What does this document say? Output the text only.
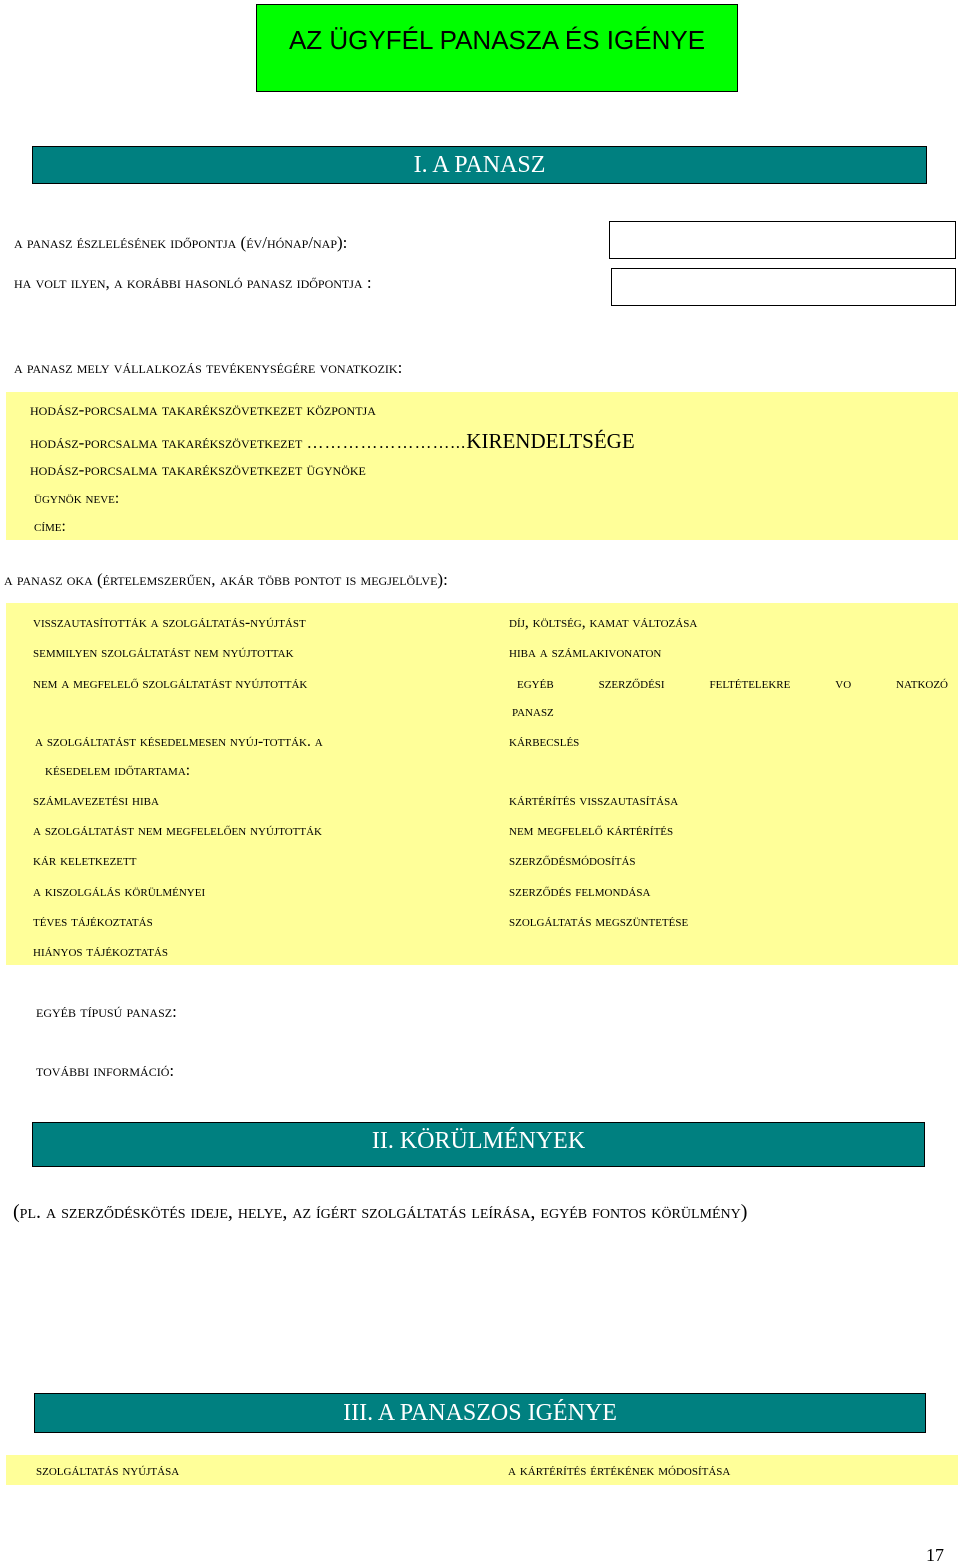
AZ ÜGYFÉL PANASZA ÉS IGÉNYE
I. A PANASZ
a panasz észlelésének időpontja (év/hónap/nap):
ha volt ilyen, a korábbi hasonló panasz időpontja :
a panasz mely vállalkozás tevékenységére vonatkozik:
hodász-porcsalma takarékszövetkezet központja
hodász-porcsalma takarékszövetkezet ……………………...KIRENDELTSÉGE
hodász-porcsalma takarékszövetkezet ügynöke
ügynök neve:
címe:
a panasz oka (értelemszerűen, akár több pontot is megjelölve):
visszautasították a szolgáltatás-nyújtást
semmilyen szolgáltatást nem nyújtottak
nem a megfelelő szolgáltatást nyújtották
a szolgáltatást késedelmesen nyúj-tották. a
késedelem időtartama:
számlavezetési hiba
a szolgáltatást nem megfelelően nyújtották
kár keletkezett
a kiszolgálás körülményei
téves tájékoztatás
hiányos tájékoztatás
díj, költség, kamat változása
hiba a számlakivonaton
egyéb szerződési feltételekre vo natkozó
panasz
kárbecslés
kártérítés visszautasítása
nem megfelelő kártérítés
szerződésmódosítás
szerződés felmondása
szolgáltatás megszüntetése
egyéb típusú panasz:
további információ:
II. KÖRÜLMÉNYEK
(pl. a szerződéskötés ideje, helye, az ígért szolgáltatás leírása, egyéb fontos körülmény)
III. A PANASZOS IGÉNYE
szolgáltatás nyújtása	a kártérítés értékének módosítása
17
